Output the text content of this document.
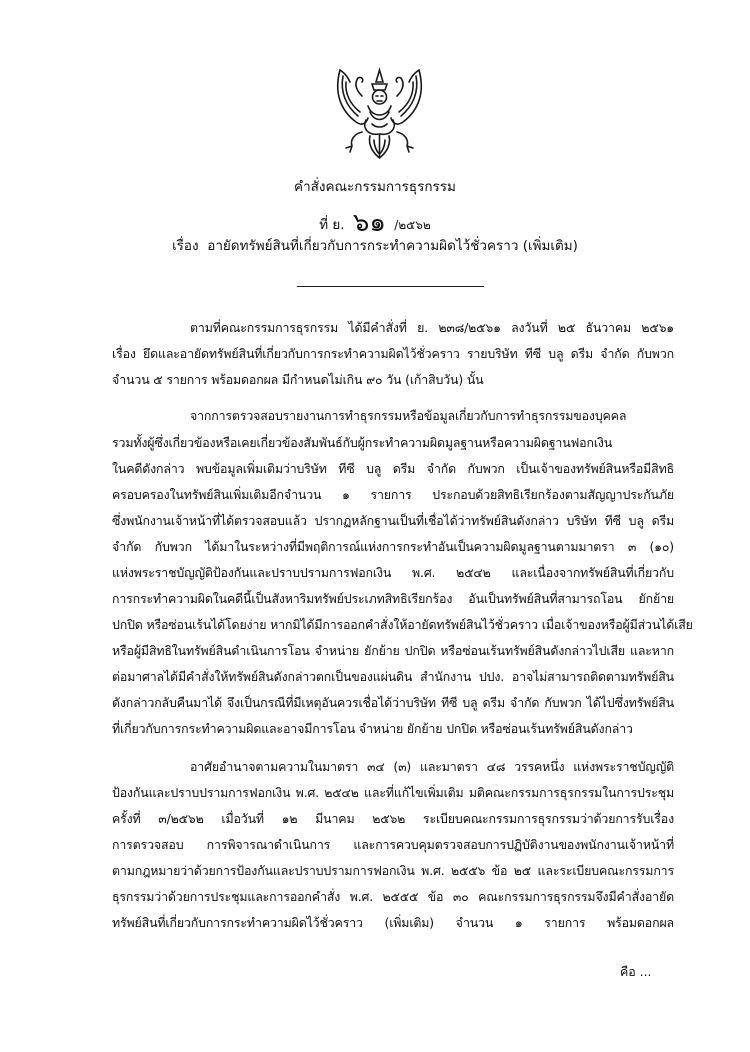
คำสั่งคณะกรรมการธุรกรรม
ที่ ย. ๖๑ /๒๕๖๒
เรื่อง  อายัดทรัพย์สินที่เกี่ยวกับการกระทำความผิดไว้ชั่วคราว (เพิ่มเติม)
ตามที่คณะกรรมการธุรกรรม ได้มีคำสั่งที่ ย. ๒๓๘/๒๕๖๑ ลงวันที่ ๒๕ ธันวาคม ๒๕๖๑
เรื่อง ยึดและอายัดทรัพย์สินที่เกี่ยวกับการกระทำความผิดไว้ชั่วคราว รายบริษัท ทีซี บลู ดรีม จำกัด กับพวก
จำนวน ๕ รายการ พร้อมดอกผล มีกำหนดไม่เกิน ๙๐ วัน (เก้าสิบวัน) นั้น
จากการตรวจสอบรายงานการทำธุรกรรมหรือข้อมูลเกี่ยวกับการทำธุรกรรมของบุคคล
รวมทั้งผู้ซึ่งเกี่ยวข้องหรือเคยเกี่ยวข้องสัมพันธ์กับผู้กระทำความผิดมูลฐานหรือความผิดฐานฟอกเงิน
ในคดีดังกล่าว พบข้อมูลเพิ่มเติมว่าบริษัท ทีซี บลู ดรีม จำกัด กับพวก เป็นเจ้าของทรัพย์สินหรือมีสิทธิ
ครอบครองในทรัพย์สินเพิ่มเติมอีกจำนวน ๑ รายการ ประกอบด้วยสิทธิเรียกร้องตามสัญญาประกันภัย
ซึ่งพนักงานเจ้าหน้าที่ได้ตรวจสอบแล้ว ปรากฏหลักฐานเป็นที่เชื่อได้ว่าทรัพย์สินดังกล่าว บริษัท ทีซี บลู ดรีม
จำกัด กับพวก ได้มาในระหว่างที่มีพฤติการณ์แห่งการกระทำอันเป็นความผิดมูลฐานตามมาตรา ๓ (๑๐)
แห่งพระราชบัญญัติป้องกันและปราบปรามการฟอกเงิน พ.ศ. ๒๕๔๒ และเนื่องจากทรัพย์สินที่เกี่ยวกับ
การกระทำความผิดในคดีนี้เป็นสังหาริมทรัพย์ประเภทสิทธิเรียกร้อง อันเป็นทรัพย์สินที่สามารถโอน ยักย้าย
ปกปิด หรือซ่อนเร้นได้โดยง่าย หากมิได้มีการออกคำสั่งให้อายัดทรัพย์สินไว้ชั่วคราว เมื่อเจ้าของหรือผู้มีส่วนได้เสีย
หรือผู้มีสิทธิในทรัพย์สินดำเนินการโอน จำหน่าย ยักย้าย ปกปิด หรือซ่อนเร้นทรัพย์สินดังกล่าวไปเสีย และหาก
ต่อมาศาลได้มีคำสั่งให้ทรัพย์สินดังกล่าวตกเป็นของแผ่นดิน สำนักงาน ปปง. อาจไม่สามารถติดตามทรัพย์สิน
ดังกล่าวกลับคืนมาได้ จึงเป็นกรณีที่มีเหตุอันควรเชื่อได้ว่าบริษัท ทีซี บลู ดรีม จำกัด กับพวก ได้ไปซึ่งทรัพย์สิน
ที่เกี่ยวกับการกระทำความผิดและอาจมีการโอน จำหน่าย ยักย้าย ปกปิด หรือซ่อนเร้นทรัพย์สินดังกล่าว
อาศัยอำนาจตามความในมาตรา ๓๔ (๓) และมาตรา ๔๘ วรรคหนึ่ง แห่งพระราชบัญญัติ
ป้องกันและปราบปรามการฟอกเงิน พ.ศ. ๒๕๔๒ และที่แก้ไขเพิ่มเติม มติคณะกรรมการธุรกรรมในการประชุม
ครั้งที่ ๓/๒๕๖๒ เมื่อวันที่ ๑๒ มีนาคม ๒๕๖๒ ระเบียบคณะกรรมการธุรกรรมว่าด้วยการรับเรื่อง
การตรวจสอบ การพิจารณาดำเนินการ และการควบคุมตรวจสอบการปฏิบัติงานของพนักงานเจ้าหน้าที่
ตามกฎหมายว่าด้วยการป้องกันและปราบปรามการฟอกเงิน พ.ศ. ๒๕๕๖ ข้อ ๒๕ และระเบียบคณะกรรมการ
ธุรกรรมว่าด้วยการประชุมและการออกคำสั่ง พ.ศ. ๒๕๕๕ ข้อ ๓๐ คณะกรรมการธุรกรรมจึงมีคำสั่งอายัด
ทรัพย์สินที่เกี่ยวกับการกระทำความผิดไว้ชั่วคราว (เพิ่มเติม) จำนวน ๑ รายการ พร้อมดอกผล
คือ ...
